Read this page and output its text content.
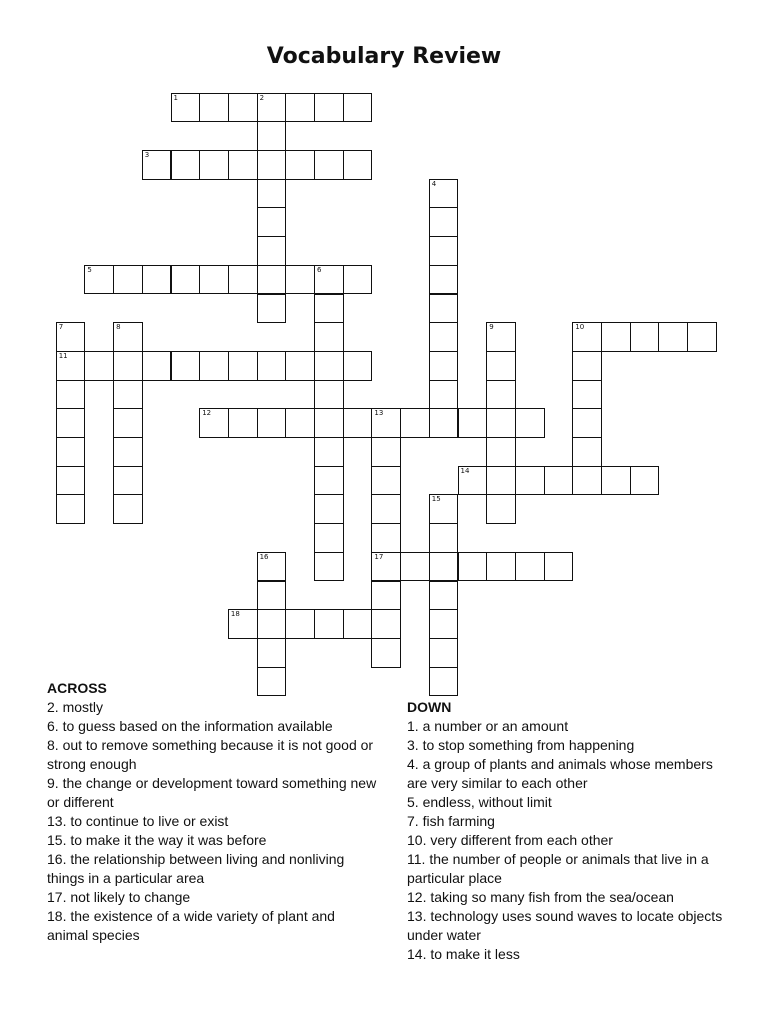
Vocabulary Review
1	2
3
4
5	6
7	8	9	10
11
12	13
14
15
16	17
18
ACROSS
2. mostly
6. to guess based on the information available
8. out to remove something because it is not good or strong enough
9. the change or development toward something new or different
13. to continue to live or exist
15. to make it the way it was before
16. the relationship between living and nonliving things in a particular area
17. not likely to change
18. the existence of a wide variety of plant and animal species
DOWN
1. a number or an amount
3. to stop something from happening
4. a group of plants and animals whose members are very similar to each other
5. endless, without limit
7. fish farming
10. very different from each other
11. the number of people or animals that live in a particular place
12. taking so many fish from the sea/ocean
13. technology uses sound waves to locate objects under water
14. to make it less
